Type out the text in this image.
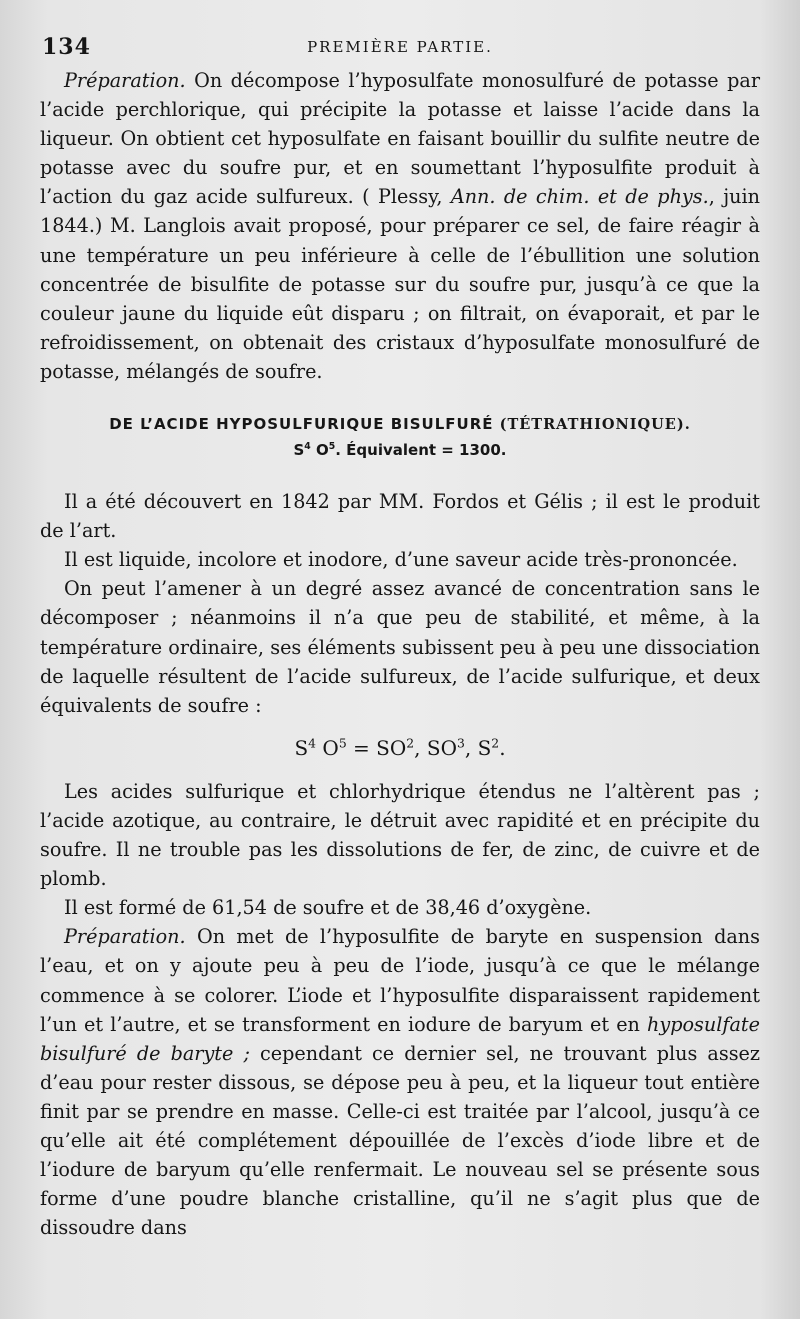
134	PREMIÈRE PARTIE.

Préparation. On décompose l’hyposulfate monosulfuré de potasse par l’acide perchlorique, qui précipite la potasse et laisse l’acide dans la liqueur. On obtient cet hyposulfate en faisant bouillir du sulfite neutre de potasse avec du soufre pur, et en soumettant l’hyposulfite produit à l’action du gaz acide sulfureux. ( Plessy, Ann. de chim. et de phys., juin 1844.) M. Langlois avait proposé, pour préparer ce sel, de faire réagir à une température un peu inférieure à celle de l’ébullition une solution concentrée de bisulfite de potasse sur du soufre pur, jusqu’à ce que la couleur jaune du liquide eût disparu ; on filtrait, on évaporait, et par le refroidissement, on obtenait des cristaux d’hyposulfate monosulfuré de potasse, mélangés de soufre.

DE L’ACIDE HYPOSULFURIQUE BISULFURÉ (TÉTRATHIONIQUE).
$S^4$ $O^5$. Équivalent = 1300.

Il a été découvert en 1842 par MM. Fordos et Gélis ; il est le produit de l’art.

Il est liquide, incolore et inodore, d’une saveur acide très-prononcée.

On peut l’amener à un degré assez avancé de concentration sans le décomposer ; néanmoins il n’a que peu de stabilité, et même, à la température ordinaire, ses éléments subissent peu à peu une dissociation de laquelle résultent de l’acide sulfureux, de l’acide sulfurique, et deux équivalents de soufre :

$S^4$ $O^5 = SO^2$, $SO^3$, $S^2$.

Les acides sulfurique et chlorhydrique étendus ne l’altèrent pas ; l’acide azotique, au contraire, le détruit avec rapidité et en précipite du soufre. Il ne trouble pas les dissolutions de fer, de zinc, de cuivre et de plomb.

Il est formé de 61,54 de soufre et de 38,46 d’oxygène.

Préparation. On met de l’hyposulfite de baryte en suspension dans l’eau, et on y ajoute peu à peu de l’iode, jusqu’à ce que le mélange commence à se colorer. L’iode et l’hyposulfite disparaissent rapidement l’un et l’autre, et se transforment en iodure de baryum et en hyposulfate bisulfuré de baryte ; cependant ce dernier sel, ne trouvant plus assez d’eau pour rester dissous, se dépose peu à peu, et la liqueur tout entière finit par se prendre en masse. Celle-ci est traitée par l’alcool, jusqu’à ce qu’elle ait été complétement dépouillée de l’excès d’iode libre et de l’iodure de baryum qu’elle renfermait. Le nouveau sel se présente sous forme d’une poudre blanche cristalline, qu’il ne s’agit plus que de dissoudre dans
